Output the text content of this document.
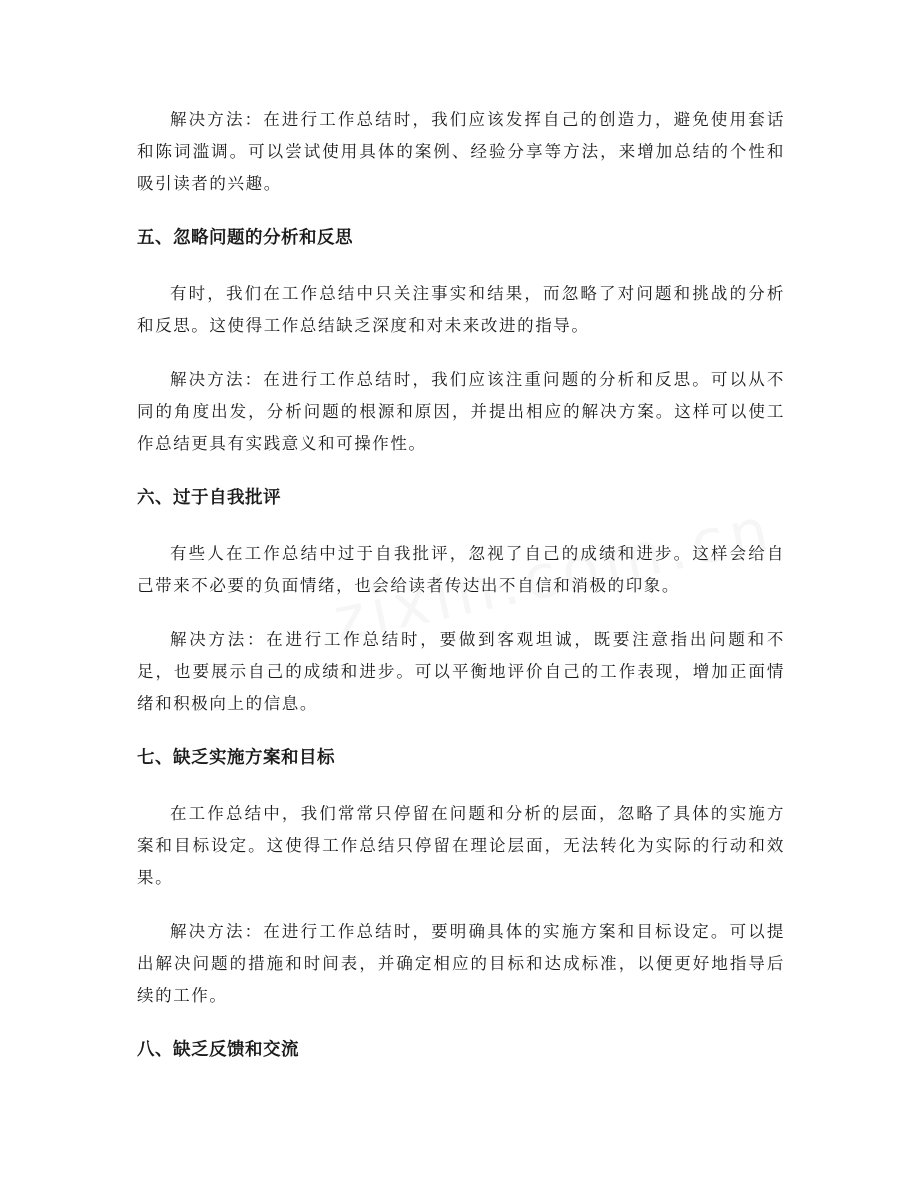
解决方法：在进行工作总结时，我们应该发挥自己的创造力，避免使用套话和陈词滥调。可以尝试使用具体的案例、经验分享等方法，来增加总结的个性和吸引读者的兴趣。

五、忽略问题的分析和反思

有时，我们在工作总结中只关注事实和结果，而忽略了对问题和挑战的分析和反思。这使得工作总结缺乏深度和对未来改进的指导。

解决方法：在进行工作总结时，我们应该注重问题的分析和反思。可以从不同的角度出发，分析问题的根源和原因，并提出相应的解决方案。这样可以使工作总结更具有实践意义和可操作性。

六、过于自我批评

有些人在工作总结中过于自我批评，忽视了自己的成绩和进步。这样会给自己带来不必要的负面情绪，也会给读者传达出不自信和消极的印象。

解决方法：在进行工作总结时，要做到客观坦诚，既要注意指出问题和不足，也要展示自己的成绩和进步。可以平衡地评价自己的工作表现，增加正面情绪和积极向上的信息。

七、缺乏实施方案和目标

在工作总结中，我们常常只停留在问题和分析的层面，忽略了具体的实施方案和目标设定。这使得工作总结只停留在理论层面，无法转化为实际的行动和效果。

解决方法：在进行工作总结时，要明确具体的实施方案和目标设定。可以提出解决问题的措施和时间表，并确定相应的目标和达成标准，以便更好地指导后续的工作。

八、缺乏反馈和交流
